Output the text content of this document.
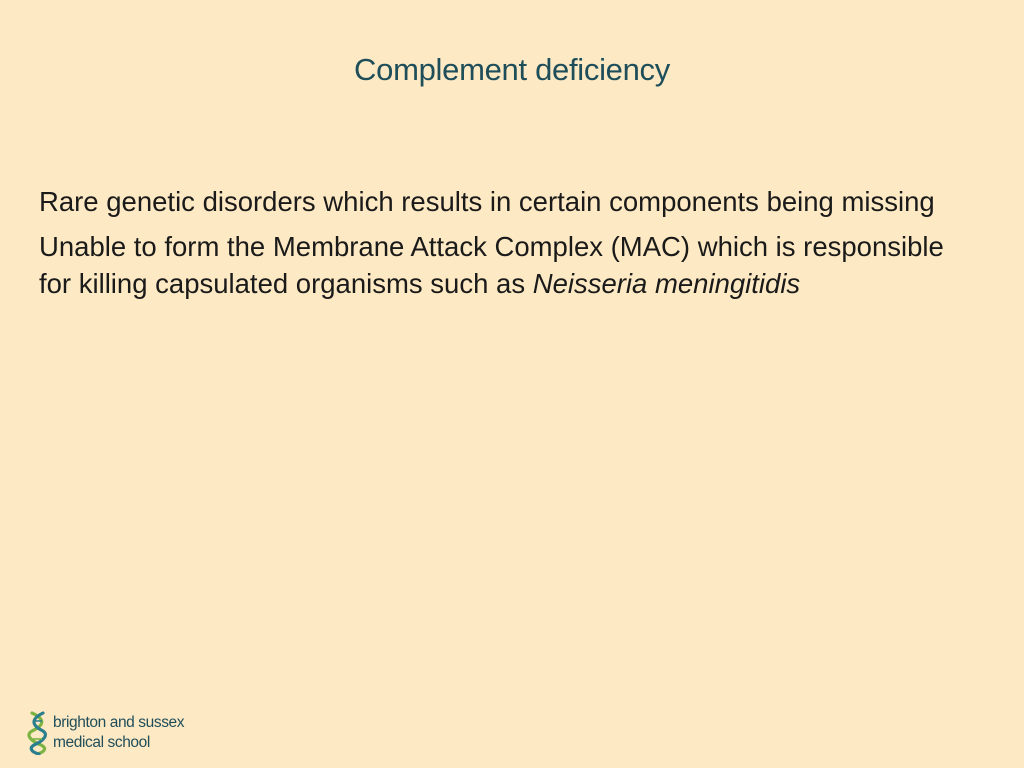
Complement deficiency

Rare genetic disorders which results in certain components being missing

Unable to form the Membrane Attack Complex (MAC) which is responsible for killing capsulated organisms such as Neisseria meningitidis

brighton and sussex
medical school
